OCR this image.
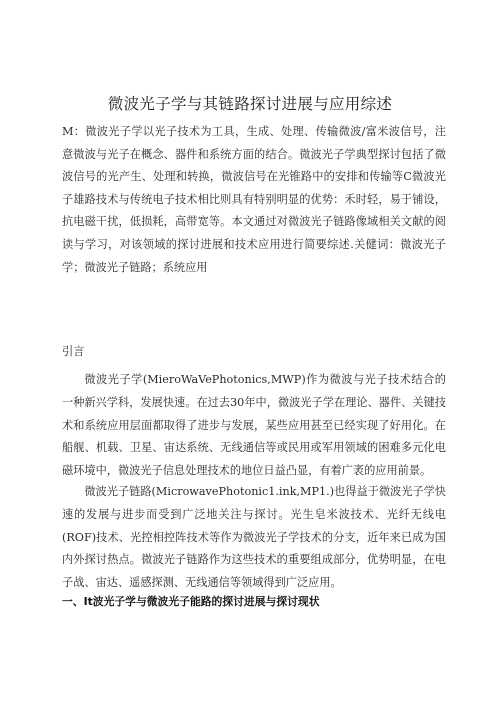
微波光子学与其链路探讨进展与应用综述

M：微波光子学以光子技术为工具，生成、处理、传输微波/富米波信号，注意微波与光子在概念、器件和系统方面的结合。微波光子学典型探讨包括了微波信号的光产生、处理和转换，微波信号在光锥路中的安排和传输等C微波光子雄路技术与传统电子技术相比则具有特别明显的优势：禾时轻，易于铺设，抗电磁干扰，低损耗，高带宽等。本文通过对微波光子链路像域相关文献的阅读与学习，对该领域的探讨进展和技术应用进行简要综述.关健词：微波光子学；微波光子链路；系统应用

引言

微波光子学(MieroWaVePhotonics,MWP)作为微波与光子技术结合的一种新兴学科，发展快速。在过去30年中，微波光子学在理论、器件、关键技术和系统应用层面都取得了进步与发展，某些应用甚至已经实现了好用化。在船舰、机载、卫星、宙达系统、无线通信等或民用或军用领域的困难多元化电磁环境中，微波光子信息处理技术的地位日益凸显，有着广袤的应用前景。

微波光子链路(MicrowavePhotonic1.ink,MP1.)也得益于微波光子学快速的发展与进步而受到广泛地关注与探讨。光生皂米波技术、光纤无线电(ROF)技术、光控相控阵技术等作为微波光子学技术的分支，近年来已成为国内外探讨热点。微波光子链路作为这些技术的重要组成部分，优势明显，在电子战、宙达、遥感探测、无线通信等领域得到广泛应用。

一、It波光子学与微波光子能路的探讨进展与探讨现状
